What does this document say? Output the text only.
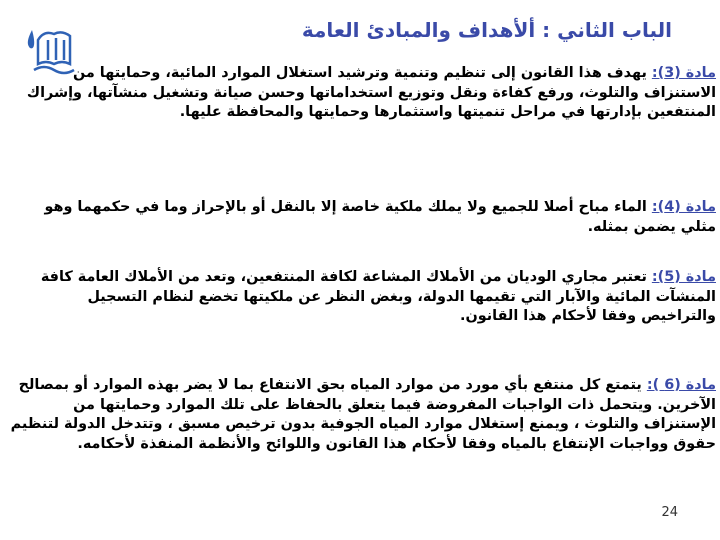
الباب الثاني : ألأهداف والمبادئ العامة

مادة (3): يهدف هذا القانون إلى تنظيم وتنمية وترشيد استغلال الموارد المائية، وحمايتها من الاستنزاف والتلوث، ورفع كفاءة ونقل وتوزيع استخداماتها وحسن صيانة وتشغيل منشآتها، وإشراك المنتفعين بإدارتها في مراحل تنميتها واستثمارها وحمايتها والمحافظة عليها.

مادة (4): الماء مباح أصلا للجميع ولا يملك ملكية خاصة إلا بالنقل أو بالإحراز وما في حكمهما وهو مثلي يضمن بمثله.

مادة (5): تعتبر مجاري الوديان من الأملاك المشاعة لكافة المنتفعين، وتعد من الأملاك العامة كافة المنشآت المائية والآبار التي تقيمها الدولة، وبغض النظر عن ملكيتها تخضع لنظام التسجيل والتراخيص وفقا لأحكام هذا القانون.

مادة (6 ): يتمتع كل منتفع بأي مورد من موارد المياه بحق الانتفاع بما لا يضر بهذه الموارد أو بمصالح الآخرين. ويتحمل ذات الواجبات المفروضة فيما يتعلق بالحفاظ على تلك الموارد وحمايتها من الإستنزاف والتلوث ، ويمنع إستغلال موارد المياه الجوفية بدون ترخيص مسبق ، وتتدخل الدولة لتنظيم حقوق وواجبات الإنتفاع بالمياه وفقا لأحكام هذا القانون واللوائح والأنظمة المنفذة لأحكامه.

24
